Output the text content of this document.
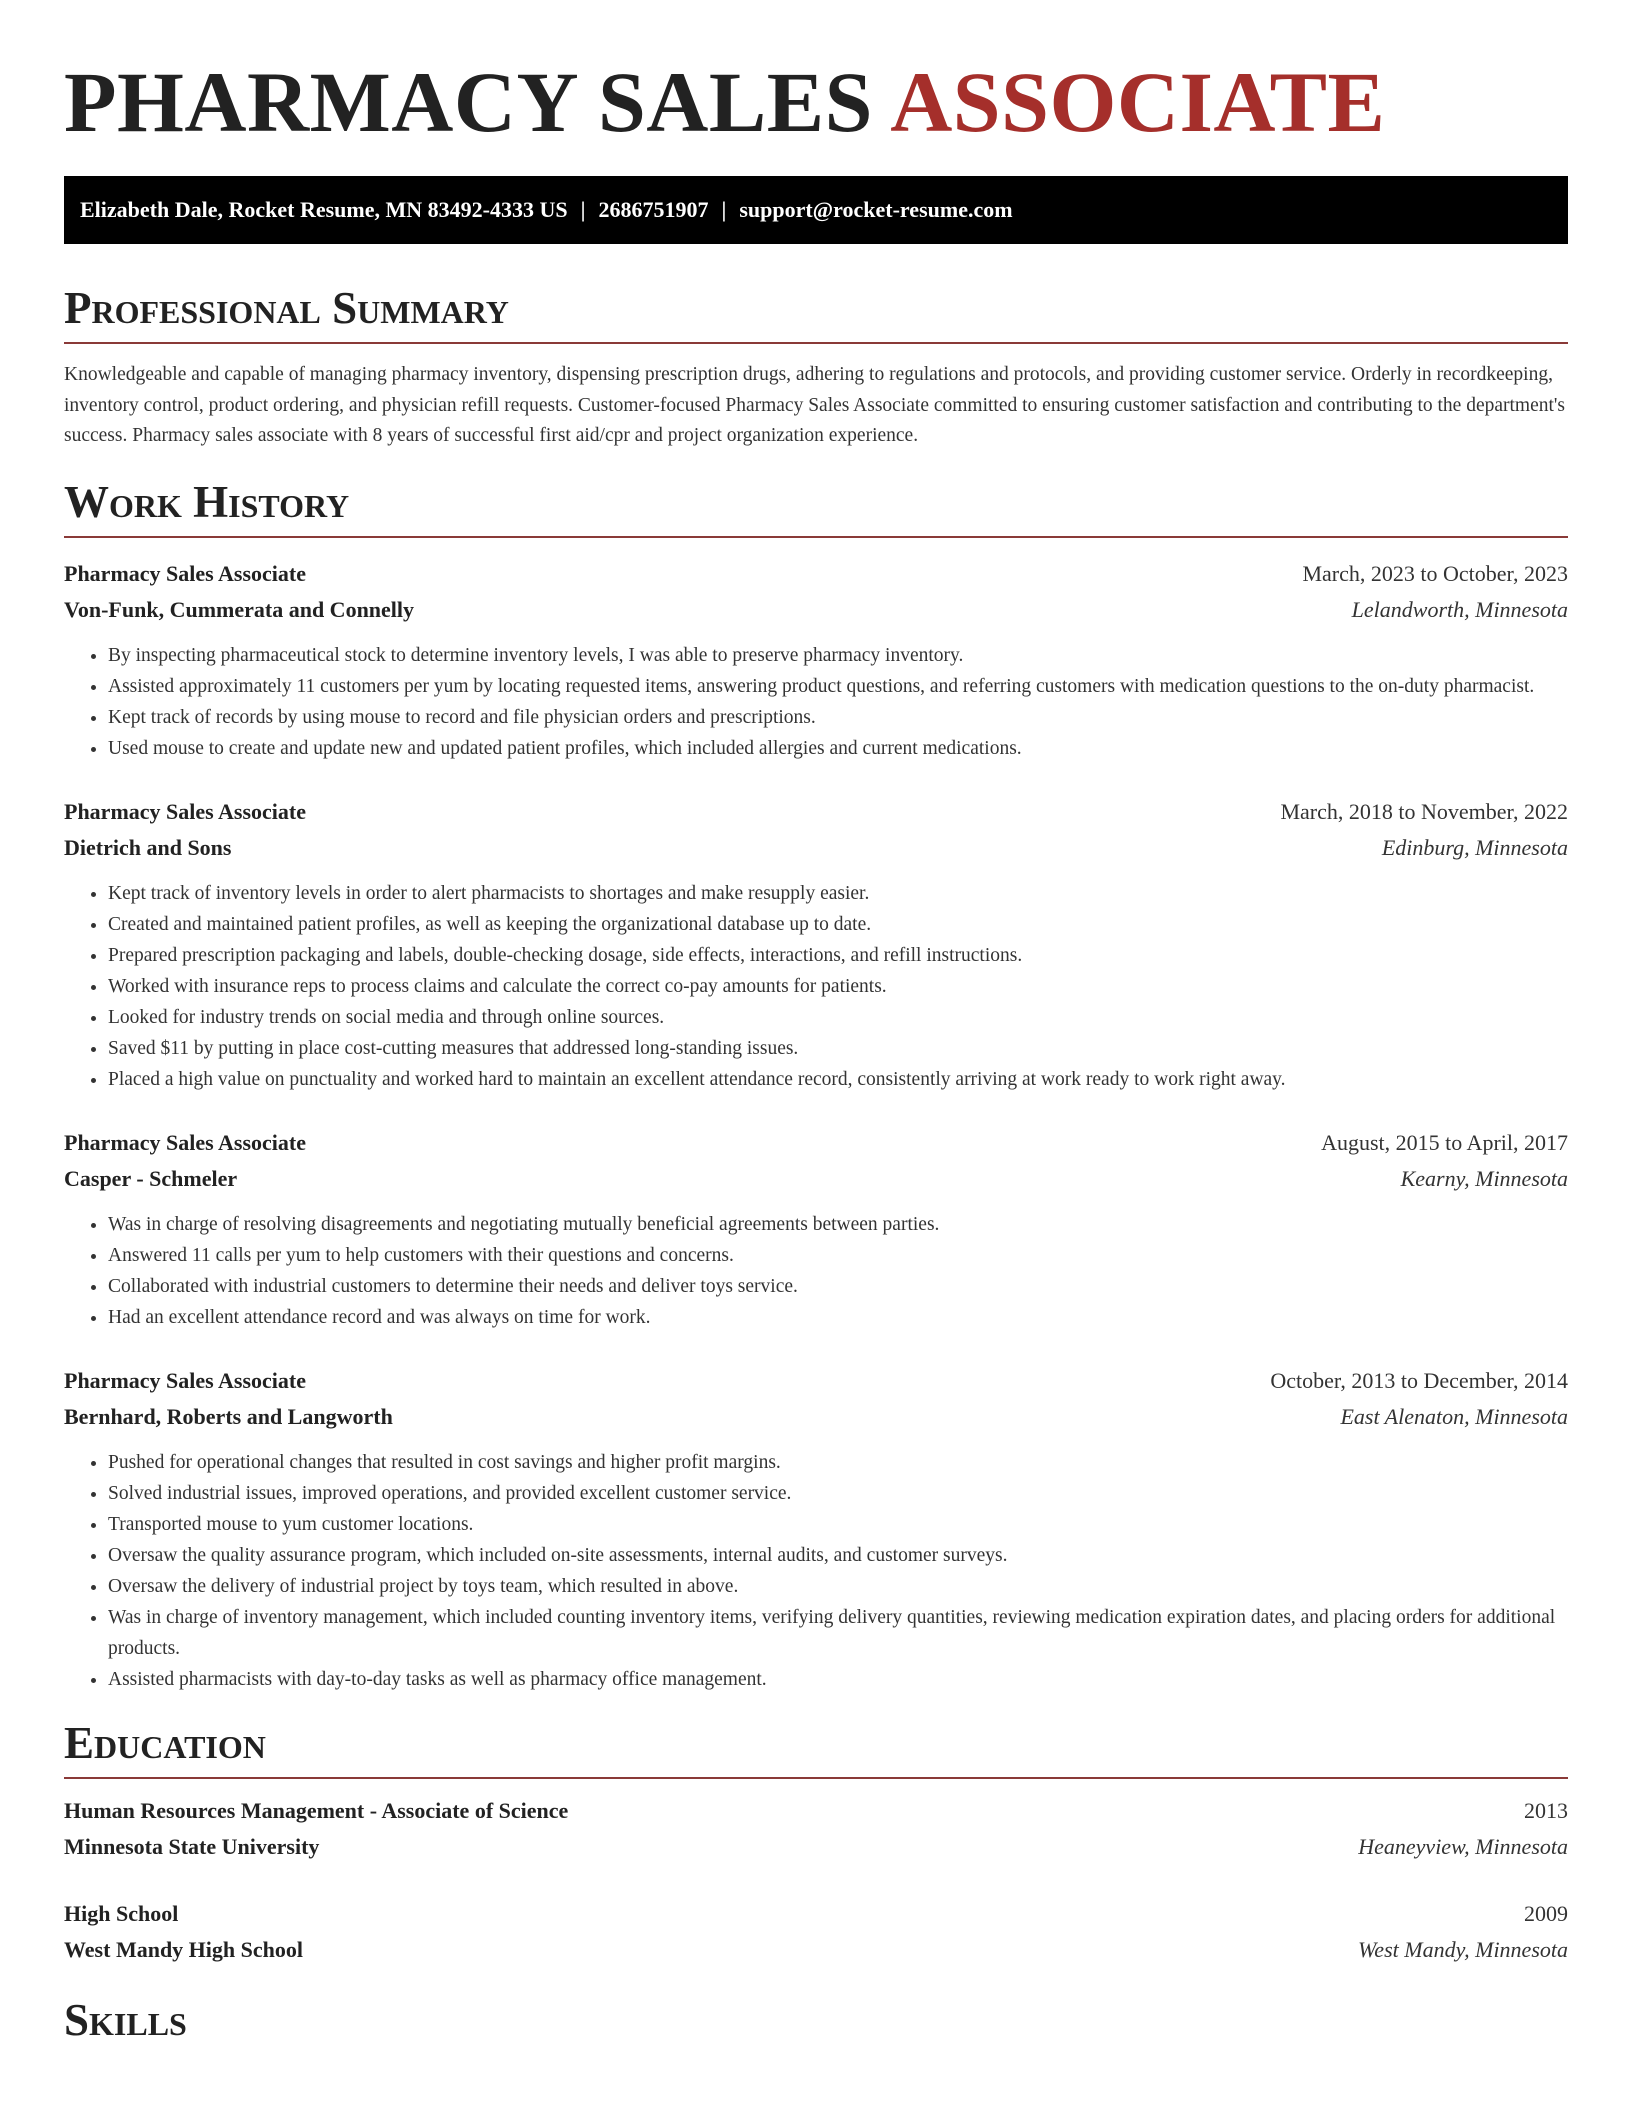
PHARMACY SALES ASSOCIATE
Elizabeth Dale, Rocket Resume, MN 83492-4333 US | 2686751907 | support@rocket-resume.com
Professional Summary

Knowledgeable and capable of managing pharmacy inventory, dispensing prescription drugs, adhering to regulations and protocols, and providing customer service. Orderly in recordkeeping, inventory control, product ordering, and physician refill requests. Customer-focused Pharmacy Sales Associate committed to ensuring customer satisfaction and contributing to the department's success. Pharmacy sales associate with 8 years of successful first aid/cpr and project organization experience.

Work History
Pharmacy Sales Associate	March, 2023 to October, 2023
Von-Funk, Cummerata and Connelly	Lelandworth, Minnesota
• By inspecting pharmaceutical stock to determine inventory levels, I was able to preserve pharmacy inventory.
• Assisted approximately 11 customers per yum by locating requested items, answering product questions, and referring customers with medication questions to the on-duty pharmacist.
• Kept track of records by using mouse to record and file physician orders and prescriptions.
• Used mouse to create and update new and updated patient profiles, which included allergies and current medications.
Pharmacy Sales Associate	March, 2018 to November, 2022
Dietrich and Sons	Edinburg, Minnesota
• Kept track of inventory levels in order to alert pharmacists to shortages and make resupply easier.
• Created and maintained patient profiles, as well as keeping the organizational database up to date.
• Prepared prescription packaging and labels, double-checking dosage, side effects, interactions, and refill instructions.
• Worked with insurance reps to process claims and calculate the correct co-pay amounts for patients.
• Looked for industry trends on social media and through online sources.
• Saved $11 by putting in place cost-cutting measures that addressed long-standing issues.
• Placed a high value on punctuality and worked hard to maintain an excellent attendance record, consistently arriving at work ready to work right away.
Pharmacy Sales Associate	August, 2015 to April, 2017
Casper - Schmeler	Kearny, Minnesota
• Was in charge of resolving disagreements and negotiating mutually beneficial agreements between parties.
• Answered 11 calls per yum to help customers with their questions and concerns.
• Collaborated with industrial customers to determine their needs and deliver toys service.
• Had an excellent attendance record and was always on time for work.
Pharmacy Sales Associate	October, 2013 to December, 2014
Bernhard, Roberts and Langworth	East Alenaton, Minnesota
• Pushed for operational changes that resulted in cost savings and higher profit margins.
• Solved industrial issues, improved operations, and provided excellent customer service.
• Transported mouse to yum customer locations.
• Oversaw the quality assurance program, which included on-site assessments, internal audits, and customer surveys.
• Oversaw the delivery of industrial project by toys team, which resulted in above.
• Was in charge of inventory management, which included counting inventory items, verifying delivery quantities, reviewing medication expiration dates, and placing orders for additional products.
• Assisted pharmacists with day-to-day tasks as well as pharmacy office management.
Education
Human Resources Management - Associate of Science	2013
Minnesota State University	Heaneyview, Minnesota
High School	2009
West Mandy High School	West Mandy, Minnesota
Skills
